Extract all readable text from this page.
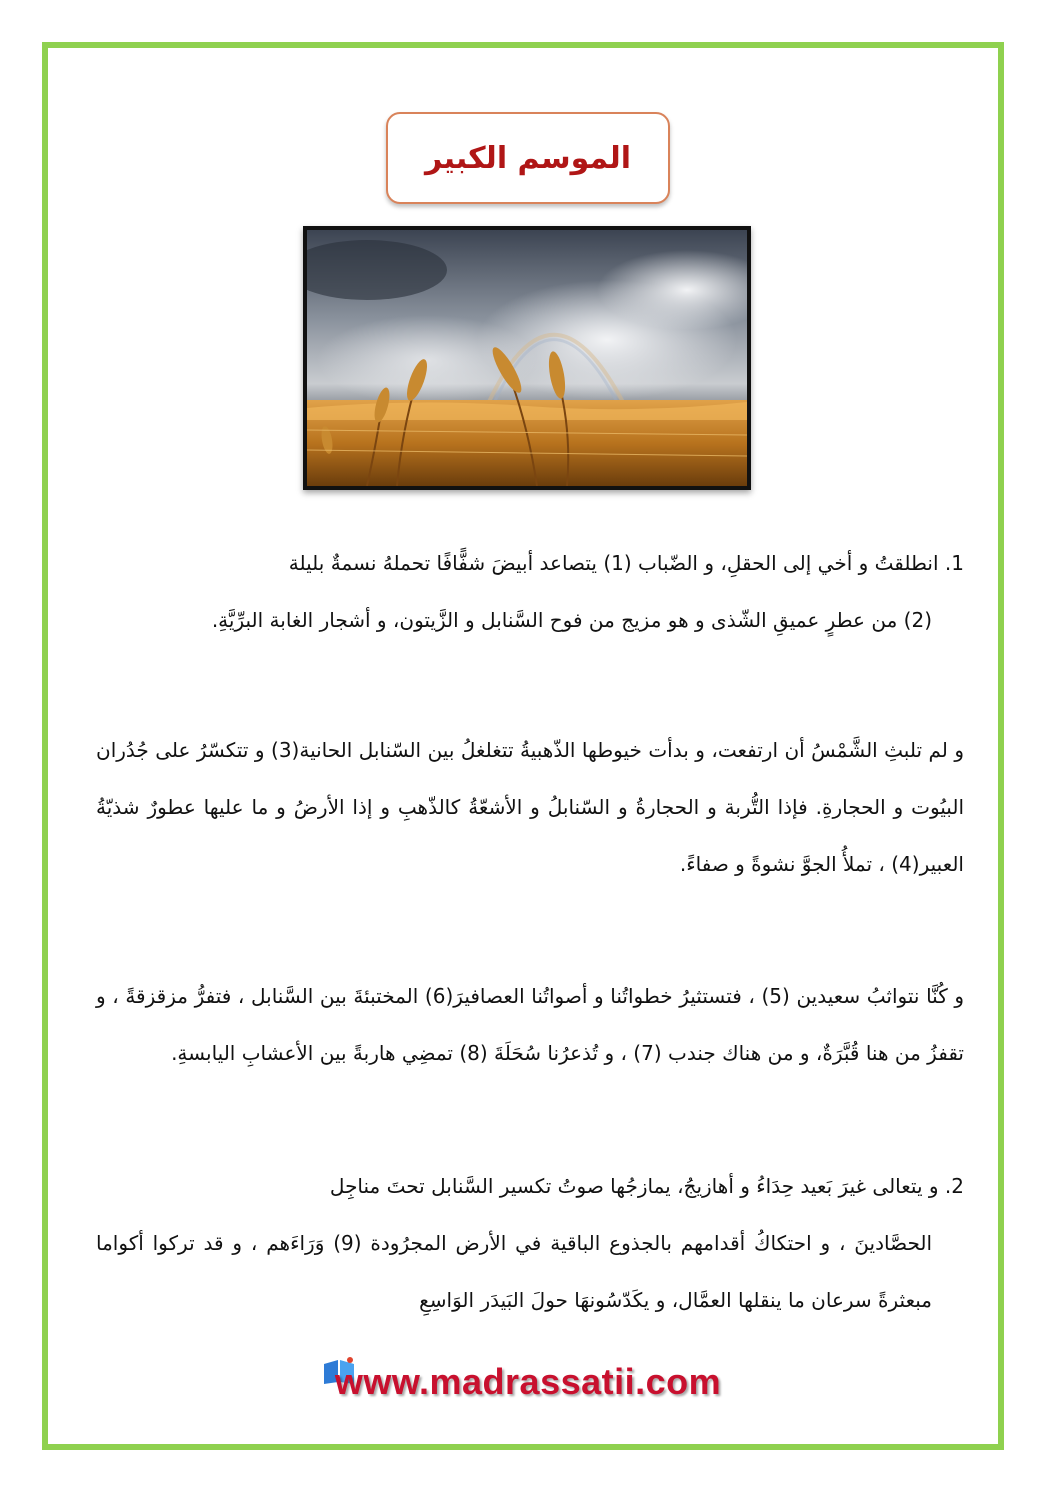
الموسم الكبير

1. انطلقتُ و أخي إلى الحقلِ، و الضّباب (1) يتصاعد أبيضَ شفًّافًا تحملهُ نسمةٌ بليلة

(2) من عطرٍ عميقِ الشّذى و هو مزيج من فوح السَّنابل و الزَّيتون، و أشجار الغابة البرِّيَّةِ.

و لم تلبثِ الشَّمْسُ أن ارتفعت، و بدأت خيوطها الذّهبيةُ تتغلغلُ بين السّنابل الحانية(3) و تتكسّرُ على جُدُران البيُوت و الحجارةِ. فإذا التُّربة و الحجارةُ و السّنابلُ و الأشعّةُ كالذّهبِ و إذا الأرضُ و ما عليها عطورٌ شذيّةُ العبير(4) ، تملأُ الجوَّ نشوةً و صفاءً.

و كُنَّا نتواثبُ سعيدين (5) ، فتستثيرُ خطواتُنا و أصواتُنا العصافيرَ(6) المختبئةَ بين السَّنابل ، فتفرُّ مزقزقةً ، و تقفزُ من هنا قُبَّرَةٌ، و من هناك جندب (7) ، و تُذعرُنا سُحَلَةَ (8) تمضِي هاربةً بين الأعشابِ اليابسةِ.

2. و يتعالى غيرَ بَعيد حِدَاءُ و أهازيجُ، يمازجُها صوتُ تكسير السَّنابل تحتَ مناجِل

الحصَّادينَ ، و احتكاكُ أقدامهم بالجذوع الباقية في الأرض المجرُودة (9) وَرَاءَهم ، و قد تركوا أكواما مبعثرةً سرعان ما ينقلها العمَّال، و يكَدّسُونهَا حولَ البَيدَر الوَاسِعِ

www.madrassatii.com
